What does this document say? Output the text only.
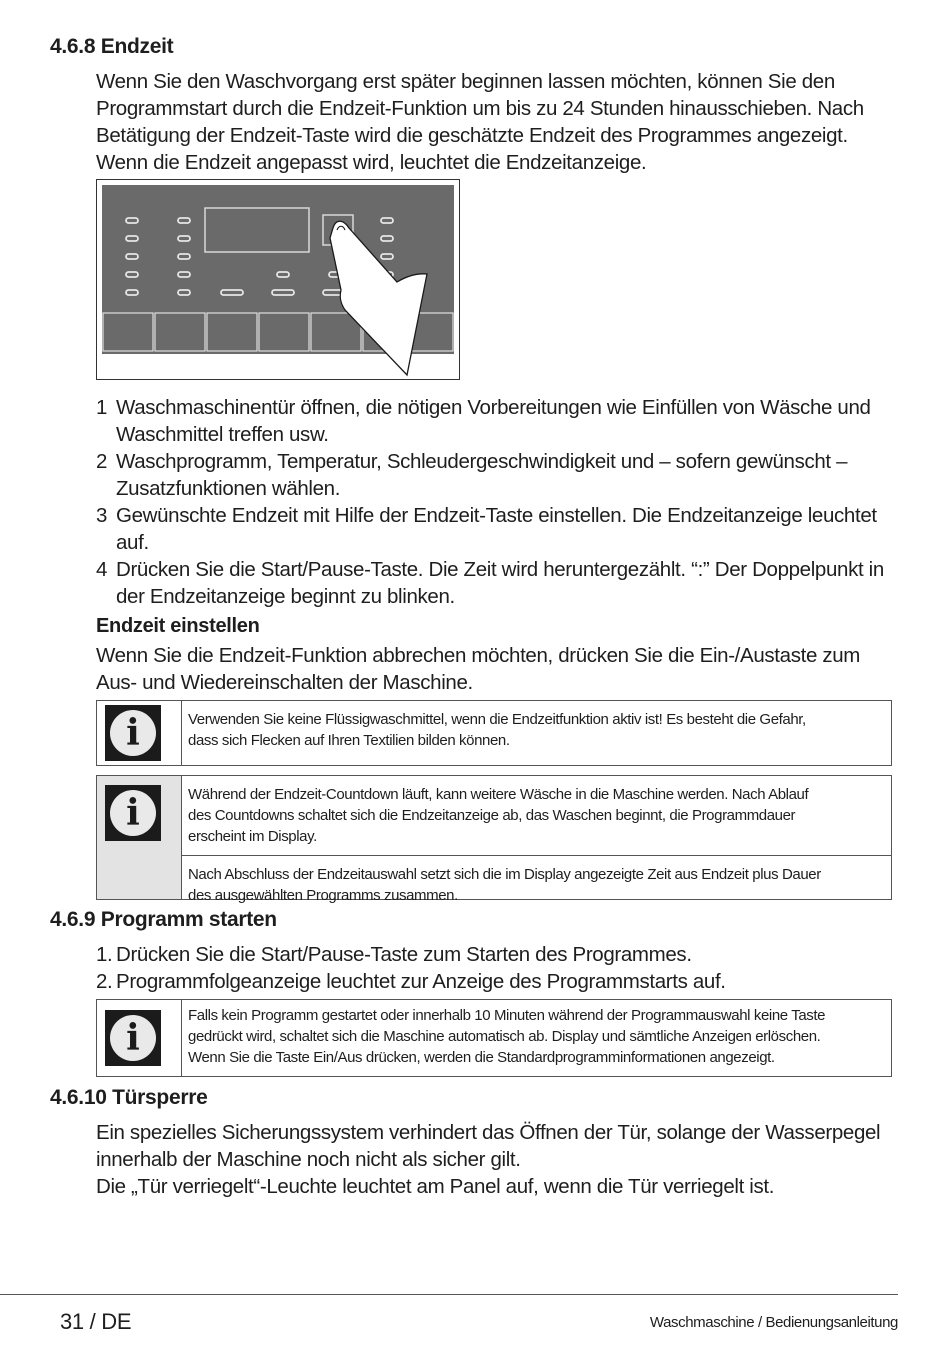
4.6.8 Endzeit

Wenn Sie den Waschvorgang erst später beginnen lassen möchten, können Sie den

Programmstart durch die Endzeit-Funktion um bis zu 24 Stunden hinausschieben. Nach

Betätigung der Endzeit-Taste wird die geschätzte Endzeit des Programmes angezeigt.

Wenn die Endzeit angepasst wird, leuchtet die Endzeitanzeige.

1 Waschmaschinentür öffnen, die nötigen Vorbereitungen wie Einfüllen von Wäsche und
Waschmittel treffen usw.
2 Waschprogramm, Temperatur, Schleudergeschwindigkeit und – sofern gewünscht –
Zusatzfunktionen wählen.
3 Gewünschte Endzeit mit Hilfe der Endzeit-Taste einstellen. Die Endzeitanzeige leuchtet
auf.
4 Drücken Sie die Start/Pause-Taste. Die Zeit wird heruntergezählt. “:” Der Doppelpunkt in
der Endzeitanzeige beginnt zu blinken.
Endzeit einstellen

Wenn Sie die Endzeit-Funktion abbrechen möchten, drücken Sie die Ein-/Austaste zum

Aus- und Wiedereinschalten der Maschine.

i	Verwenden Sie keine Flüssigwaschmittel, wenn die Endzeitfunktion aktiv ist! Es besteht die Gefahr,
dass sich Flecken auf Ihren Textilien bilden können.
i	Während der Endzeit-Countdown läuft, kann weitere Wäsche in die Maschine werden. Nach Ablauf
des Countdowns schaltet sich die Endzeitanzeige ab, das Waschen beginnt, die Programmdauer
erscheint im Display.
Nach Abschluss der Endzeitauswahl setzt sich die im Display angezeigte Zeit aus Endzeit plus Dauer
des ausgewählten Programms zusammen.
4.6.9 Programm starten
1. Drücken Sie die Start/Pause-Taste zum Starten des Programmes.
2. Programmfolgeanzeige leuchtet zur Anzeige des Programmstarts auf.
i
Falls kein Programm gestartet oder innerhalb 10 Minuten während der Programmauswahl keine Taste
gedrückt wird, schaltet sich die Maschine automatisch ab. Display und sämtliche Anzeigen erlöschen.
Wenn Sie die Taste Ein/Aus drücken, werden die Standardprogramminformationen angezeigt.
4.6.10 Türsperre

Ein spezielles Sicherungssystem verhindert das Öffnen der Tür, solange der Wasserpegel

innerhalb der Maschine noch nicht als sicher gilt.

Die „Tür verriegelt“-Leuchte leuchtet am Panel auf, wenn die Tür verriegelt ist.

31 / DE	Waschmaschine / Bedienungsanleitung
